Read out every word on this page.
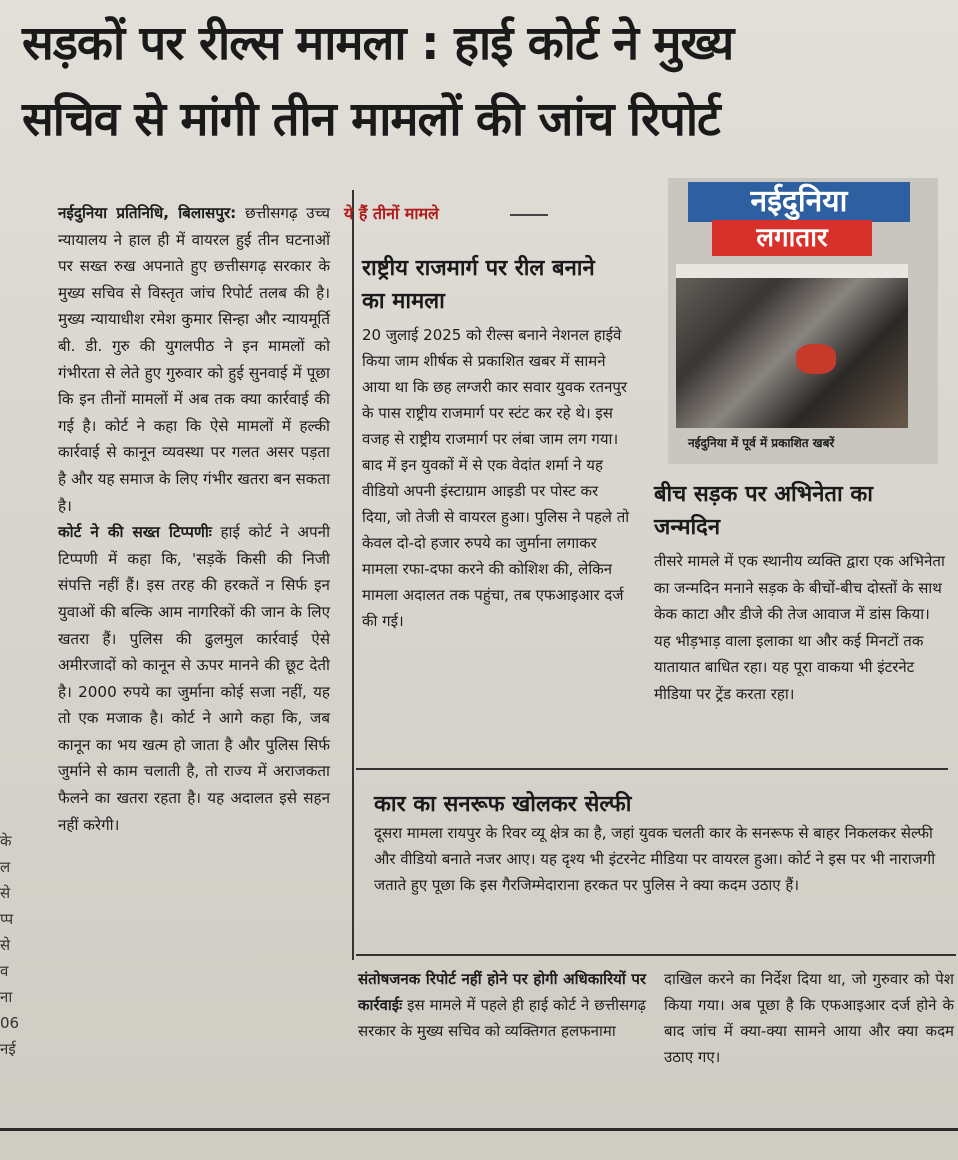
सड़कों पर रील्स मामला : हाई कोर्ट ने मुख्य
सचिव से मांगी तीन मामलों की जांच रिपोर्ट

नईदुनिया प्रतिनिधि, बिलासपुर: छत्तीसगढ़ उच्च न्यायालय ने हाल ही में वायरल हुई तीन घटनाओं पर सख्त रुख अपनाते हुए छत्तीसगढ़ सरकार के मुख्य सचिव से विस्तृत जांच रिपोर्ट तलब की है। मुख्य न्यायाधीश रमेश कुमार सिन्हा और न्यायमूर्ति बी. डी. गुरु की युगलपीठ ने इन मामलों को गंभीरता से लेते हुए गुरुवार को हुई सुनवाई में पूछा कि इन तीनों मामलों में अब तक क्या कार्रवाई की गई है। कोर्ट ने कहा कि ऐसे मामलों में हल्की कार्रवाई से कानून व्यवस्था पर गलत असर पड़ता है और यह समाज के लिए गंभीर खतरा बन सकता है।

कोर्ट ने की सख्त टिप्पणीः हाई कोर्ट ने अपनी टिप्पणी में कहा कि, 'सड़कें किसी की निजी संपत्ति नहीं हैं। इस तरह की हरकतें न सिर्फ इन युवाओं की बल्कि आम नागरिकों की जान के लिए खतरा हैं। पुलिस की ढुलमुल कार्रवाई ऐसे अमीरजादों को कानून से ऊपर मानने की छूट देती है। 2000 रुपये का जुर्माना कोई सजा नहीं, यह तो एक मजाक है। कोर्ट ने आगे कहा कि, जब कानून का भय खत्म हो जाता है और पुलिस सिर्फ जुर्माने से काम चलाती है, तो राज्य में अराजकता फैलने का खतरा रहता है। यह अदालत इसे सहन नहीं करेगी।

के
ल
से
प्प
से
व
ना
06
नई
ये हैं तीनों मामले
राष्ट्रीय राजमार्ग पर रील बनाने का मामला
20 जुलाई 2025 को रील्स बनाने नेशनल हाईवे किया जाम शीर्षक से प्रकाशित खबर में सामने आया था कि छह लग्जरी कार सवार युवक रतनपुर के पास राष्ट्रीय राजमार्ग पर स्टंट कर रहे थे। इस वजह से राष्ट्रीय राजमार्ग पर लंबा जाम लग गया। बाद में इन युवकों में से एक वेदांत शर्मा ने यह वीडियो अपनी इंस्टाग्राम आइडी पर पोस्ट कर दिया, जो तेजी से वायरल हुआ। पुलिस ने पहले तो केवल दो-दो हजार रुपये का जुर्माना लगाकर मामला रफा-दफा करने की कोशिश की, लेकिन मामला अदालत तक पहुंचा, तब एफआइआर दर्ज की गई।
नईदुनिया
लगातार
नईदुनिया में पूर्व में प्रकाशित खबरें
बीच सड़क पर अभिनेता का जन्मदिन
तीसरे मामले में एक स्थानीय व्यक्ति द्वारा एक अभिनेता का जन्मदिन मनाने सड़क के बीचों-बीच दोस्तों के साथ केक काटा और डीजे की तेज आवाज में डांस किया। यह भीड़भाड़ वाला इलाका था और कई मिनटों तक यातायात बाधित रहा। यह पूरा वाकया भी इंटरनेट मीडिया पर ट्रेंड करता रहा।
कार का सनरूफ खोलकर सेल्फी
दूसरा मामला रायपुर के रिवर व्यू क्षेत्र का है, जहां युवक चलती कार के सनरूफ से बाहर निकलकर सेल्फी और वीडियो बनाते नजर आए। यह दृश्य भी इंटरनेट मीडिया पर वायरल हुआ। कोर्ट ने इस पर भी नाराजगी जताते हुए पूछा कि इस गैरजिम्मेदाराना हरकत पर पुलिस ने क्या कदम उठाए हैं।

संतोषजनक रिपोर्ट नहीं होने पर होगी अधिकारियों पर कार्रवाईः इस मामले में पहले ही हाई कोर्ट ने छत्तीसगढ़ सरकार के मुख्य सचिव को व्यक्तिगत हलफनामा

दाखिल करने का निर्देश दिया था, जो गुरुवार को पेश किया गया। अब पूछा है कि एफआइआर दर्ज होने के बाद जांच में क्या-क्या सामने आया और क्या कदम उठाए गए।
